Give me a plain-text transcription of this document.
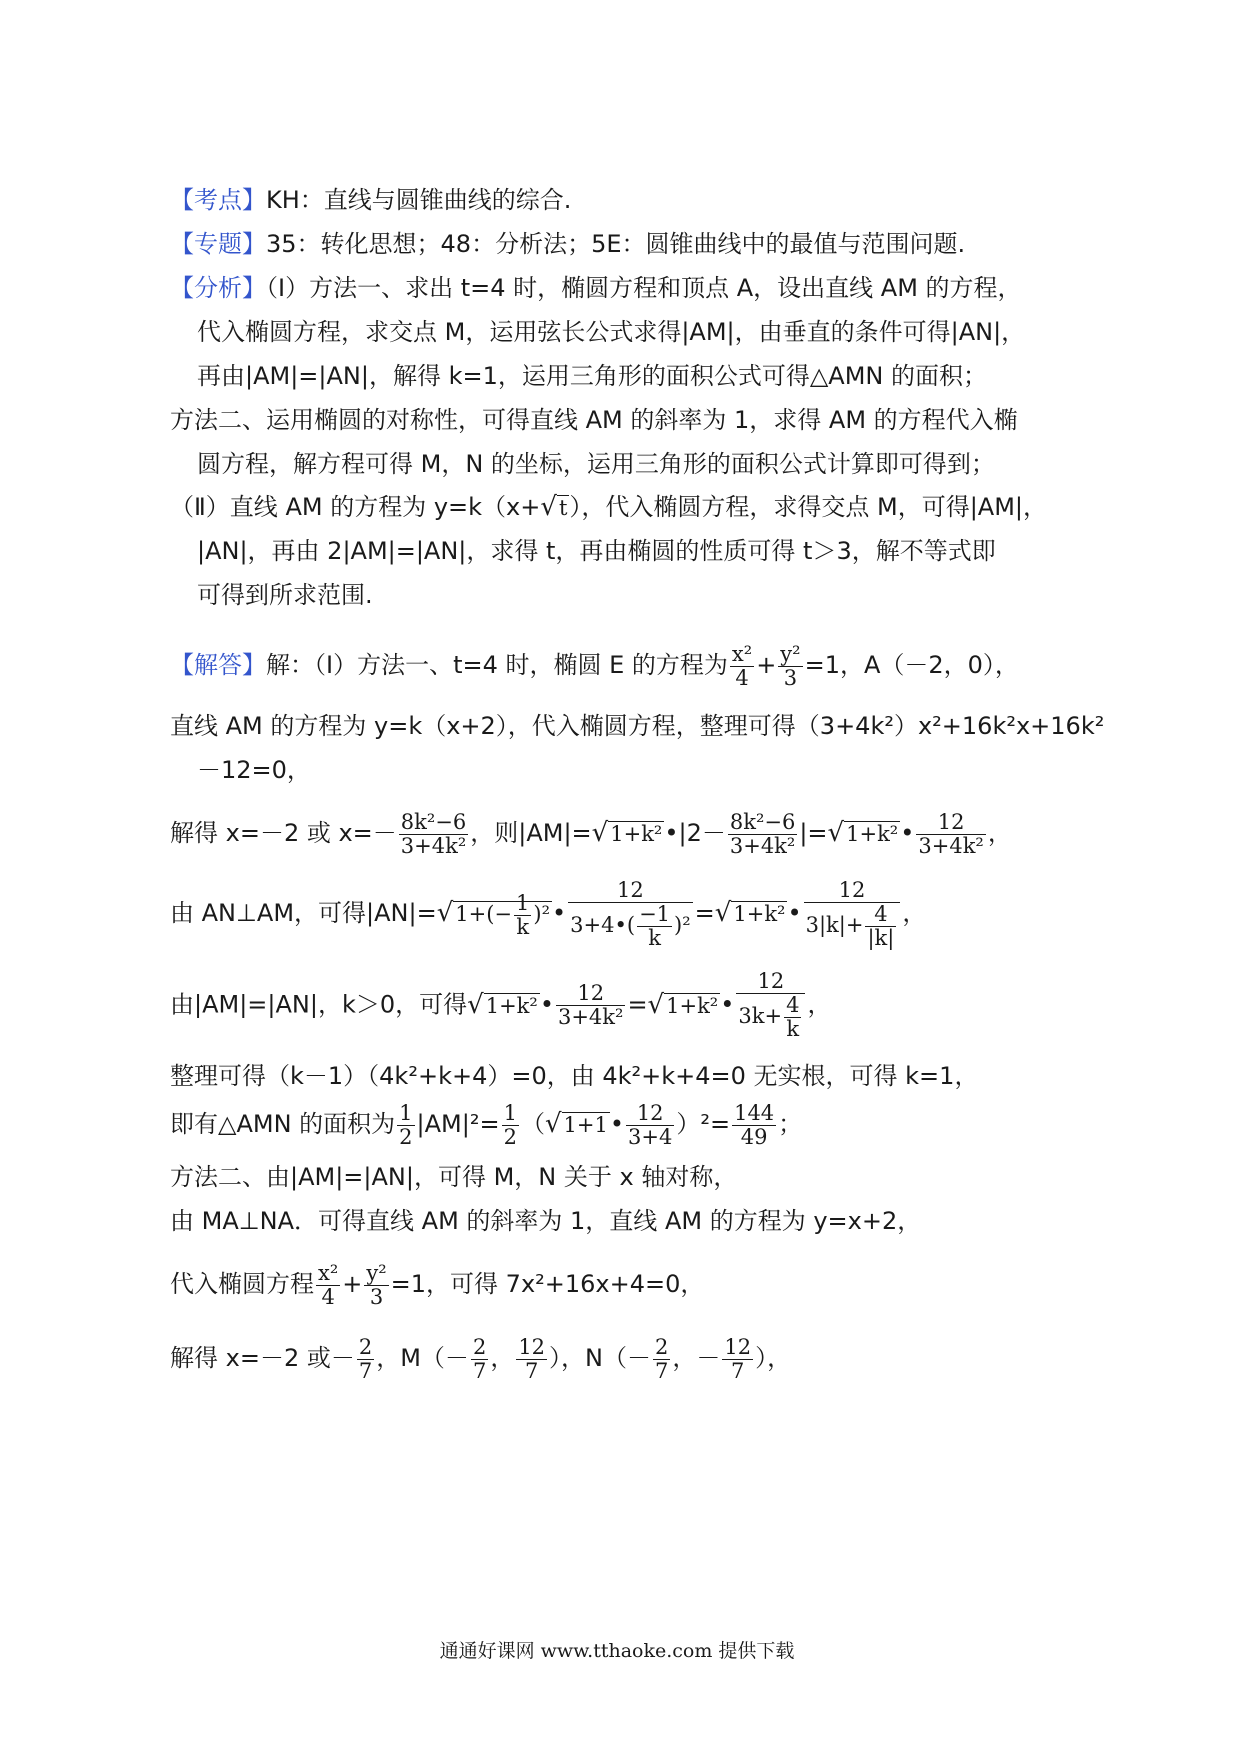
【考点】KH：直线与圆锥曲线的综合.
【专题】35：转化思想；48：分析法；5E：圆锥曲线中的最值与范围问题.
【分析】（Ⅰ）方法一、求出 t=4 时，椭圆方程和顶点 A，设出直线 AM 的方程，
代入椭圆方程，求交点 M，运用弦长公式求得|AM|，由垂直的条件可得|AN|，
再由|AM|=|AN|，解得 k=1，运用三角形的面积公式可得△AMN 的面积；
方法二、运用椭圆的对称性，可得直线 AM 的斜率为 1，求得 AM 的方程代入椭
圆方程，解方程可得 M，N 的坐标，运用三角形的面积公式计算即可得到；
（Ⅱ）直线 AM 的方程为 y=k（x+√t），代入椭圆方程，求得交点 M，可得|AM|，
|AN|，再由 2|AM|=|AN|，求得 t，再由椭圆的性质可得 t＞3，解不等式即
可得到所求范围.
【解答】解：（Ⅰ）方法一、t=4 时，椭圆 E 的方程为 $\frac{\text{x²}}{4} + \frac{\text{y²}}{3} =1$，A（－2，0），
直线 AM 的方程为 y=k（x+2），代入椭圆方程，整理可得（3+4k²）x²+16k²x+16k²
－12=0，
解得 x=－2 或 $x=- \frac{\text{8k²−6}}{\text{3+4k²}}$ ，则|AM|=√1+k²•|2－ $\frac{\text{8k²−6}}{\text{3+4k²}}$ |=√1+k²• $\frac{12}{\text{3+4k²}}$ ，
由 AN⊥AM，可得$|AN|=√1+(- \frac{1}{k}$ )²• $\frac{12}{3+4•( \frac{-1}{k} )^2}$ =√1+k²• $\frac{12}{3|k|+ \frac{4}{|k|}}$ ，
由|AM|=|AN|，k＞0，可得√1+k²• $\frac{12}{\text{3+4k²}}$ =√1+k²• $\frac{12}{3k+ \frac{4}{k}}$ ，
整理可得（k－1）（4k²+k+4）=0，由 4k²+k+4=0 无实根，可得 k=1，
即有△AMN 的面积为 $\frac{1}{2} |AM|^2= \frac{1}{2}$ （√1+1• $\frac{12}{3+4} )^2= \frac{144}{49}$ ；
方法二、由|AM|=|AN|，可得 M，N 关于 x 轴对称，
由 MA⊥NA．可得直线 AM 的斜率为 1，直线 AM 的方程为 y=x+2，
代入椭圆方程 $\frac{\text{x²}}{4} + \frac{\text{y²}}{3} =1$，可得 7x²+16x+4=0，
解得 x=－2 或－ $\frac{2}{7}$ ，$M(- \frac{2}{7}$ ， $\frac{12}{7}$ ），$N(- \frac{2}{7}$ ，－ $\frac{12}{7}$ ），
通通好课网 www.tthaoke.com 提供下载
